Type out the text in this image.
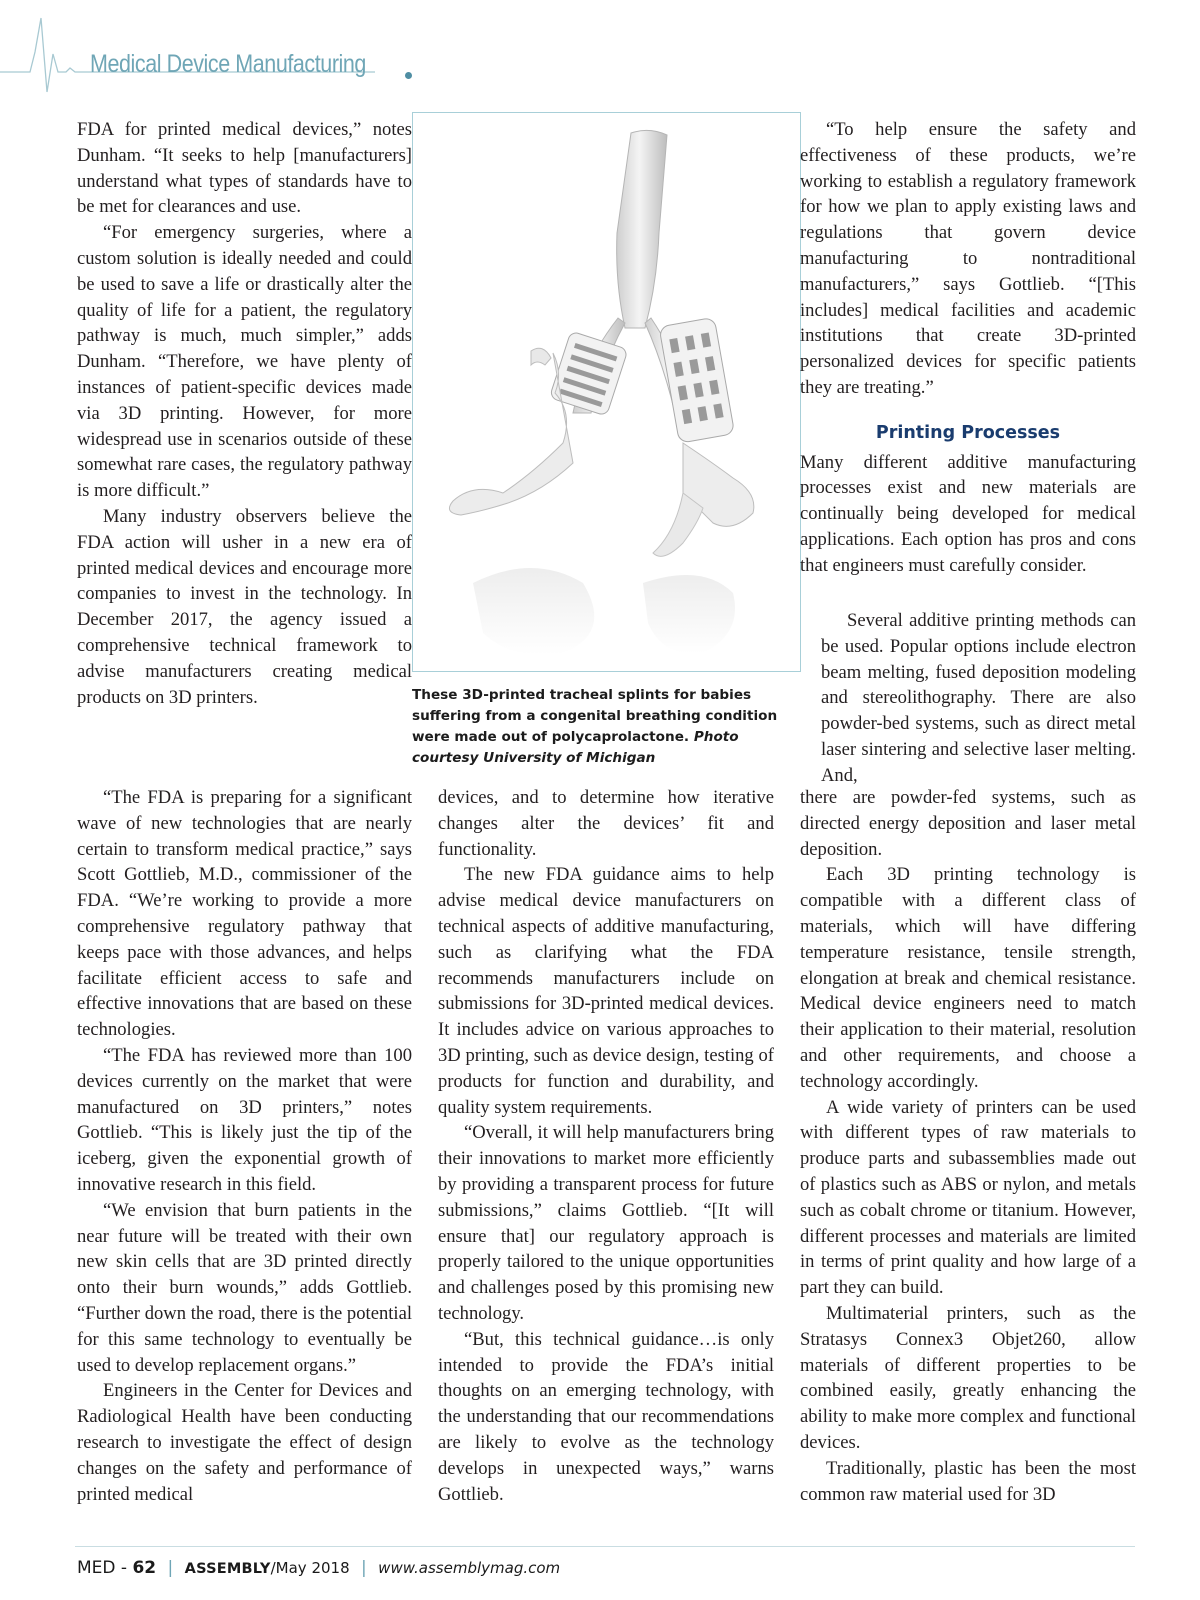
Medical Device Manufacturing

FDA for printed medical devices,” notes Dunham. “It seeks to help [manufacturers] understand what types of standards have to be met for clearances and use.

“For emergency surgeries, where a custom solution is ideally needed and could be used to save a life or drastically alter the quality of life for a patient, the regulatory pathway is much, much simpler,” adds Dunham. “Therefore, we have plenty of instances of patient-specific devices made via 3D printing. However, for more widespread use in scenarios outside of these somewhat rare cases, the regulatory pathway is more difficult.”

Many industry observers believe the FDA action will usher in a new era of printed medical devices and encourage more companies to invest in the technology. In December 2017, the agency issued a comprehensive technical framework to advise manufacturers creating medical products on 3D printers.

“The FDA is preparing for a significant wave of new technologies that are nearly certain to transform medical practice,” says Scott Gottlieb, M.D., commissioner of the FDA. “We’re working to provide a more comprehensive regulatory pathway that keeps pace with those advances, and helps facilitate efficient access to safe and effective innovations that are based on these technologies.

“The FDA has reviewed more than 100 devices currently on the market that were manufactured on 3D printers,” notes Gottlieb. “This is likely just the tip of the iceberg, given the exponential growth of innovative research in this field.

“We envision that burn patients in the near future will be treated with their own new skin cells that are 3D printed directly onto their burn wounds,” adds Gottlieb. “Further down the road, there is the potential for this same technology to eventually be used to develop replacement organs.”

Engineers in the Center for Devices and Radiological Health have been conducting research to investigate the effect of design changes on the safety and performance of printed medical

These 3D-printed tracheal splints for babies suffering from a congenital breathing condition were made out of polycaprolactone. Photo courtesy University of Michigan

devices, and to determine how iterative changes alter the devices’ fit and functionality.

The new FDA guidance aims to help advise medical device manufacturers on technical aspects of additive manufacturing, such as clarifying what the FDA recommends manufacturers include on submissions for 3D-printed medical devices. It includes advice on various approaches to 3D printing, such as device design, testing of products for function and durability, and quality system requirements.

“Overall, it will help manufacturers bring their innovations to market more efficiently by providing a transparent process for future submissions,” claims Gottlieb. “[It will ensure that] our regulatory approach is properly tailored to the unique opportunities and challenges posed by this promising new technology.

“But, this technical guidance…is only intended to provide the FDA’s initial thoughts on an emerging technology, with the understanding that our recommendations are likely to evolve as the technology develops in unexpected ways,” warns Gottlieb.

“To help ensure the safety and effectiveness of these products, we’re working to establish a regulatory framework for how we plan to apply existing laws and regulations that govern device manufacturing to nontraditional manufacturers,” says Gottlieb. “[This includes] medical facilities and academic institutions that create 3D-printed personalized devices for specific patients they are treating.”

Printing Processes

Many different additive manufacturing processes exist and new materials are continually being developed for medical applications. Each option has pros and cons that engineers must carefully consider.

Several additive printing methods can be used. Popular options include electron beam melting, fused deposition modeling and stereolithography. There are also powder-bed systems, such as direct metal laser sintering and selective laser melting. And,

there are powder-fed systems, such as directed energy deposition and laser metal deposition.

Each 3D printing technology is compatible with a different class of materials, which will have differing temperature resistance, tensile strength, elongation at break and chemical resistance. Medical device engineers need to match their application to their material, resolution and other requirements, and choose a technology accordingly.

A wide variety of printers can be used with different types of raw materials to produce parts and subassemblies made out of plastics such as ABS or nylon, and metals such as cobalt chrome or titanium. However, different processes and materials are limited in terms of print quality and how large of a part they can build.

Multimaterial printers, such as the Stratasys Connex3 Objet260, allow materials of different properties to be combined easily, greatly enhancing the ability to make more complex and functional devices.

Traditionally, plastic has been the most common raw material used for 3D

MED - 62 | ASSEMBLY/May 2018 | www.assemblymag.com
